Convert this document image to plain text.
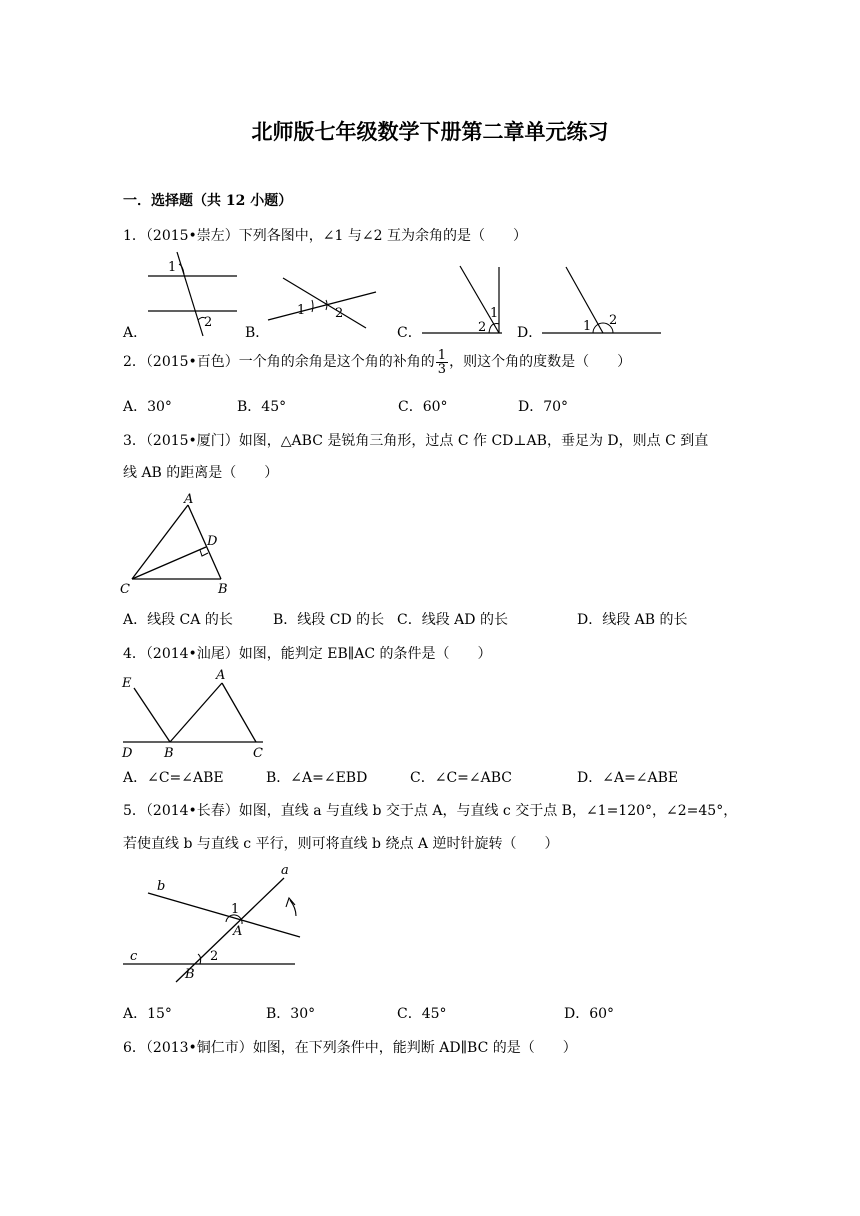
北师版七年级数学下册第二章单元练习
一．选择题（共 12 小题）
1．（2015•崇左）下列各图中，∠1 与∠2 互为余角的是（　　）
1
2
A．
1 2
B．
1
2
C．	1 2
D．
2．（2015•百色）一个角的余角是这个角的补角的 $\frac{1}{3}$ ，则这个角的度数是（　　）
A．30°	B．45°	C．60°	D．70°
3．（2015•厦门）如图，△ABC 是锐角三角形，过点 C 作 CD⊥AB，垂足为 D，则点 C 到直
线 AB 的距离是（　　）
A
D
C	B
A．线段 CA 的长	B．线段 CD 的长 C．线段 AD 的长	D．线段 AB 的长
4．（2014•汕尾）如图，能判定 EB∥AC 的条件是（　　）
E
A
D B	C
A．∠C=∠ABE	B．∠A=∠EBD	C．∠C=∠ABC	D．∠A=∠ABE
5．（2014•长春）如图，直线 a 与直线 b 交于点 A，与直线 c 交于点 B，∠1=120°，∠2=45°，
若使直线 b 与直线 c 平行，则可将直线 b 绕点 A 逆时针旋转（　　）
b
a
c
1
2
A
B
A．15°	B．30°	C．45°	D．60°
6．（2013•铜仁市）如图，在下列条件中，能判断 AD∥BC 的是（　　）
